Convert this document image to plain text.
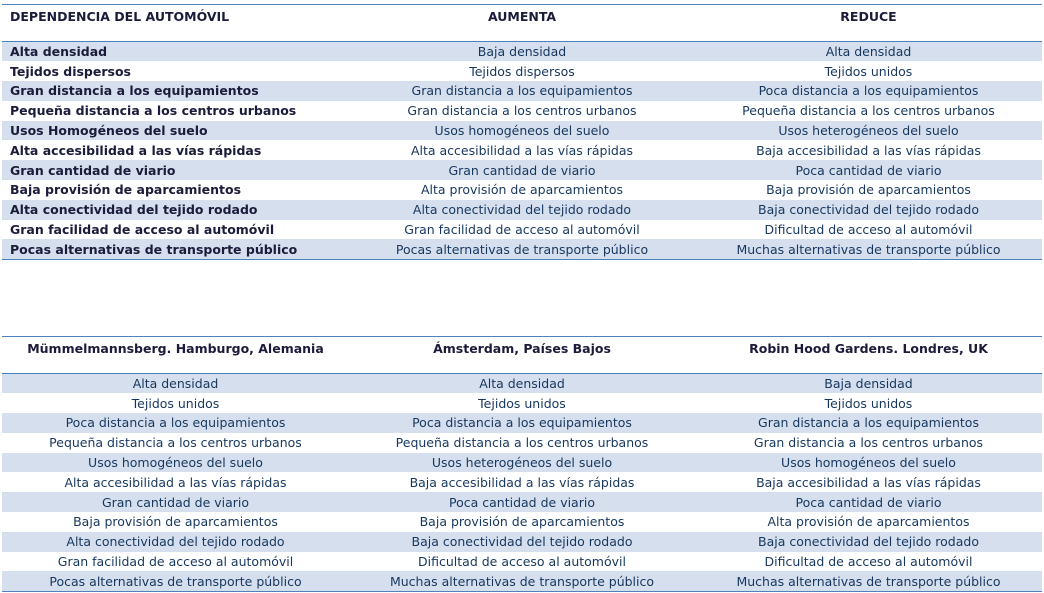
DEPENDENCIA DEL AUTOMÓVIL	AUMENTA	REDUCE
Alta densidad	Baja densidad	Alta densidad
Tejidos dispersos	Tejidos dispersos	Tejidos unidos
Gran distancia a los equipamientos	Gran distancia a los equipamientos	Poca distancia a los equipamientos
Pequeña distancia a los centros urbanos	Gran distancia a los centros urbanos	Pequeña distancia a los centros urbanos
Usos Homogéneos del suelo	Usos homogéneos del suelo	Usos heterogéneos del suelo
Alta accesibilidad a las vías rápidas	Alta accesibilidad a las vías rápidas	Baja accesibilidad a las vías rápidas
Gran cantidad de viario	Gran cantidad de viario	Poca cantidad de viario
Baja provisión de aparcamientos	Alta provisión de aparcamientos	Baja provisión de aparcamientos
Alta conectividad del tejido rodado	Alta conectividad del tejido rodado	Baja conectividad del tejido rodado
Gran facilidad de acceso al automóvil	Gran facilidad de acceso al automóvil	Dificultad de acceso al automóvil
Pocas alternativas de transporte público	Pocas alternativas de transporte público	Muchas alternativas de transporte público
Mümmelmannsberg. Hamburgo, Alemania	Ámsterdam, Países Bajos	Robin Hood Gardens. Londres, UK
Alta densidad	Alta densidad	Baja densidad
Tejidos unidos	Tejidos unidos	Tejidos unidos
Poca distancia a los equipamientos	Poca distancia a los equipamientos	Gran distancia a los equipamientos
Pequeña distancia a los centros urbanos	Pequeña distancia a los centros urbanos	Gran distancia a los centros urbanos
Usos homogéneos del suelo	Usos heterogéneos del suelo	Usos homogéneos del suelo
Alta accesibilidad a las vías rápidas	Baja accesibilidad a las vías rápidas	Baja accesibilidad a las vías rápidas
Gran cantidad de viario	Poca cantidad de viario	Poca cantidad de viario
Baja provisión de aparcamientos	Baja provisión de aparcamientos	Alta provisión de aparcamientos
Alta conectividad del tejido rodado	Baja conectividad del tejido rodado	Baja conectividad del tejido rodado
Gran facilidad de acceso al automóvil	Dificultad de acceso al automóvil	Dificultad de acceso al automóvil
Pocas alternativas de transporte público	Muchas alternativas de transporte público	Muchas alternativas de transporte público
